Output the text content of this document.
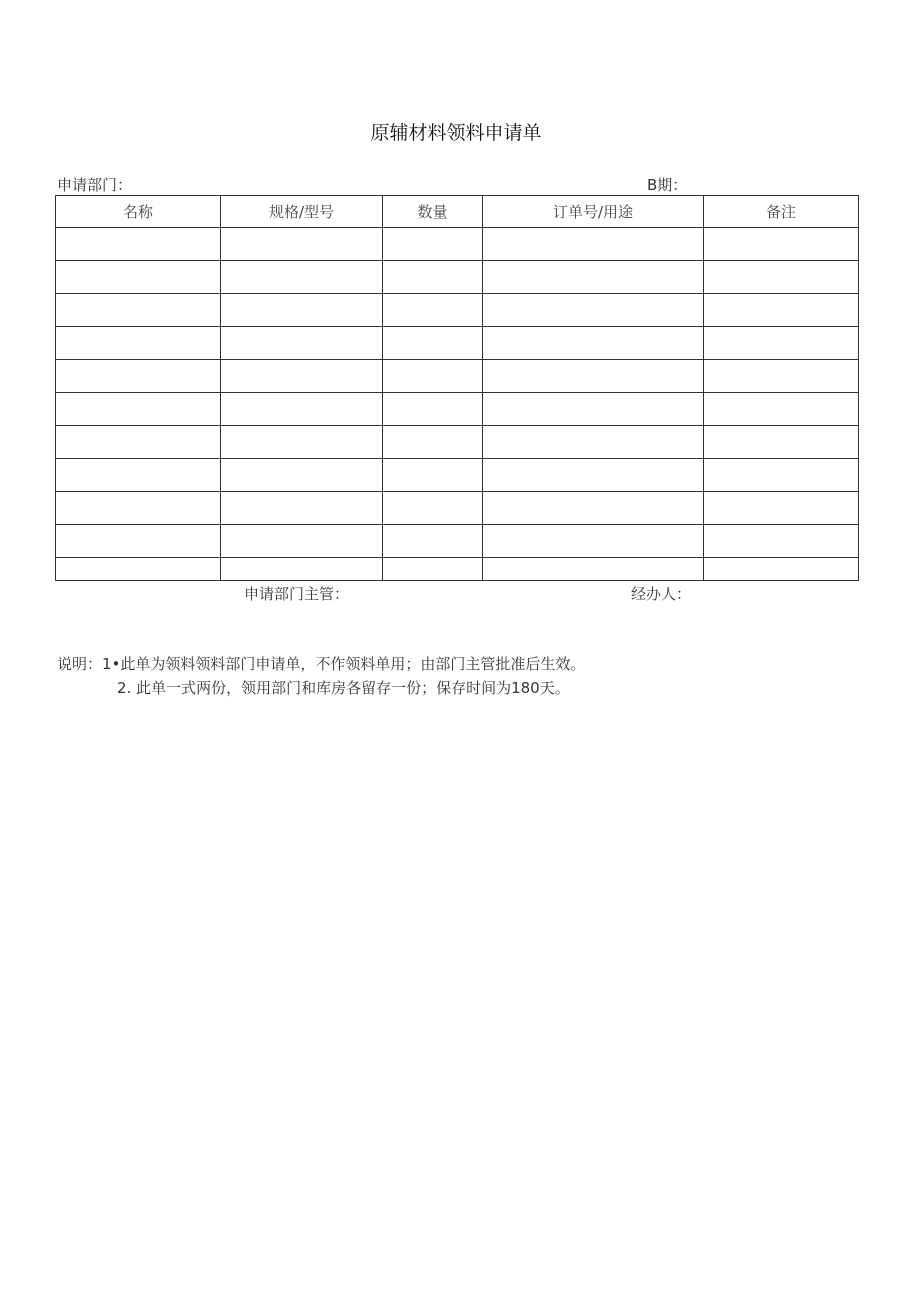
原辅材料领料申请单
申请部门：	B期：
名称	规格/型号	数量	订单号/用途	备注

申请部门主管：	经办人：
说明：1•此单为领料领料部门申请单，不作领料单用；由部门主管批准后生效。
2. 此单一式两份，领用部门和库房各留存一份；保存时间为180天。
